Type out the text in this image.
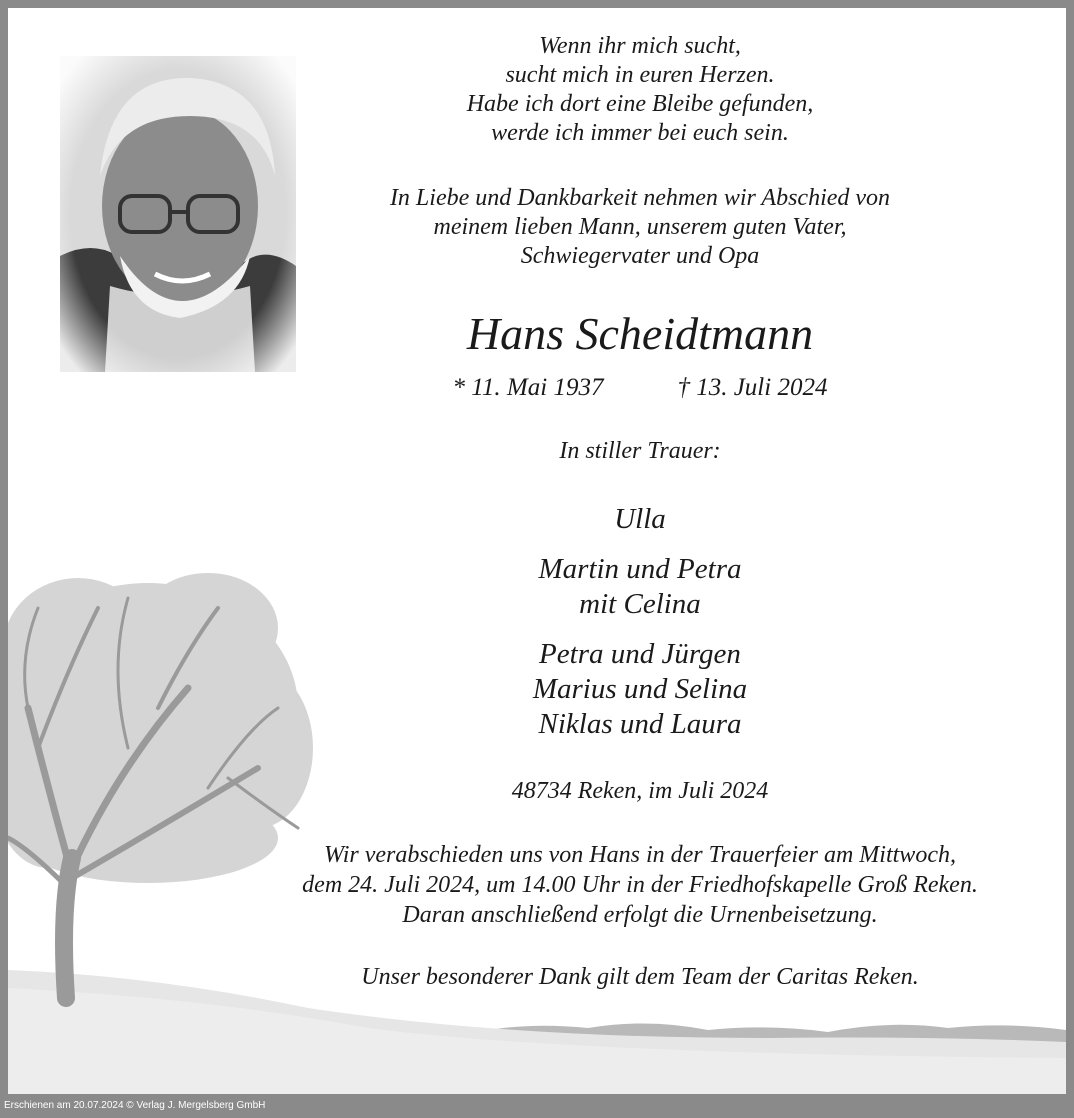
Wenn ihr mich sucht,
sucht mich in euren Herzen.
Habe ich dort eine Bleibe gefunden,
werde ich immer bei euch sein.
In Liebe und Dankbarkeit nehmen wir Abschied von
meinem lieben Mann, unserem guten Vater,
Schwiegervater und Opa
Hans Scheidtmann
* 11. Mai 1937	† 13. Juli 2024
In stiller Trauer:
Ulla
Martin und Petra
mit Celina
Petra und Jürgen
Marius und Selina
Niklas und Laura
48734 Reken, im Juli 2024
Wir verabschieden uns von Hans in der Trauerfeier am Mittwoch,
dem 24. Juli 2024, um 14.00 Uhr in der Friedhofskapelle Groß Reken.
Daran anschließend erfolgt die Urnenbeisetzung.
Unser besonderer Dank gilt dem Team der Caritas Reken.
Erschienen am 20.07.2024 © Verlag J. Mergelsberg GmbH
